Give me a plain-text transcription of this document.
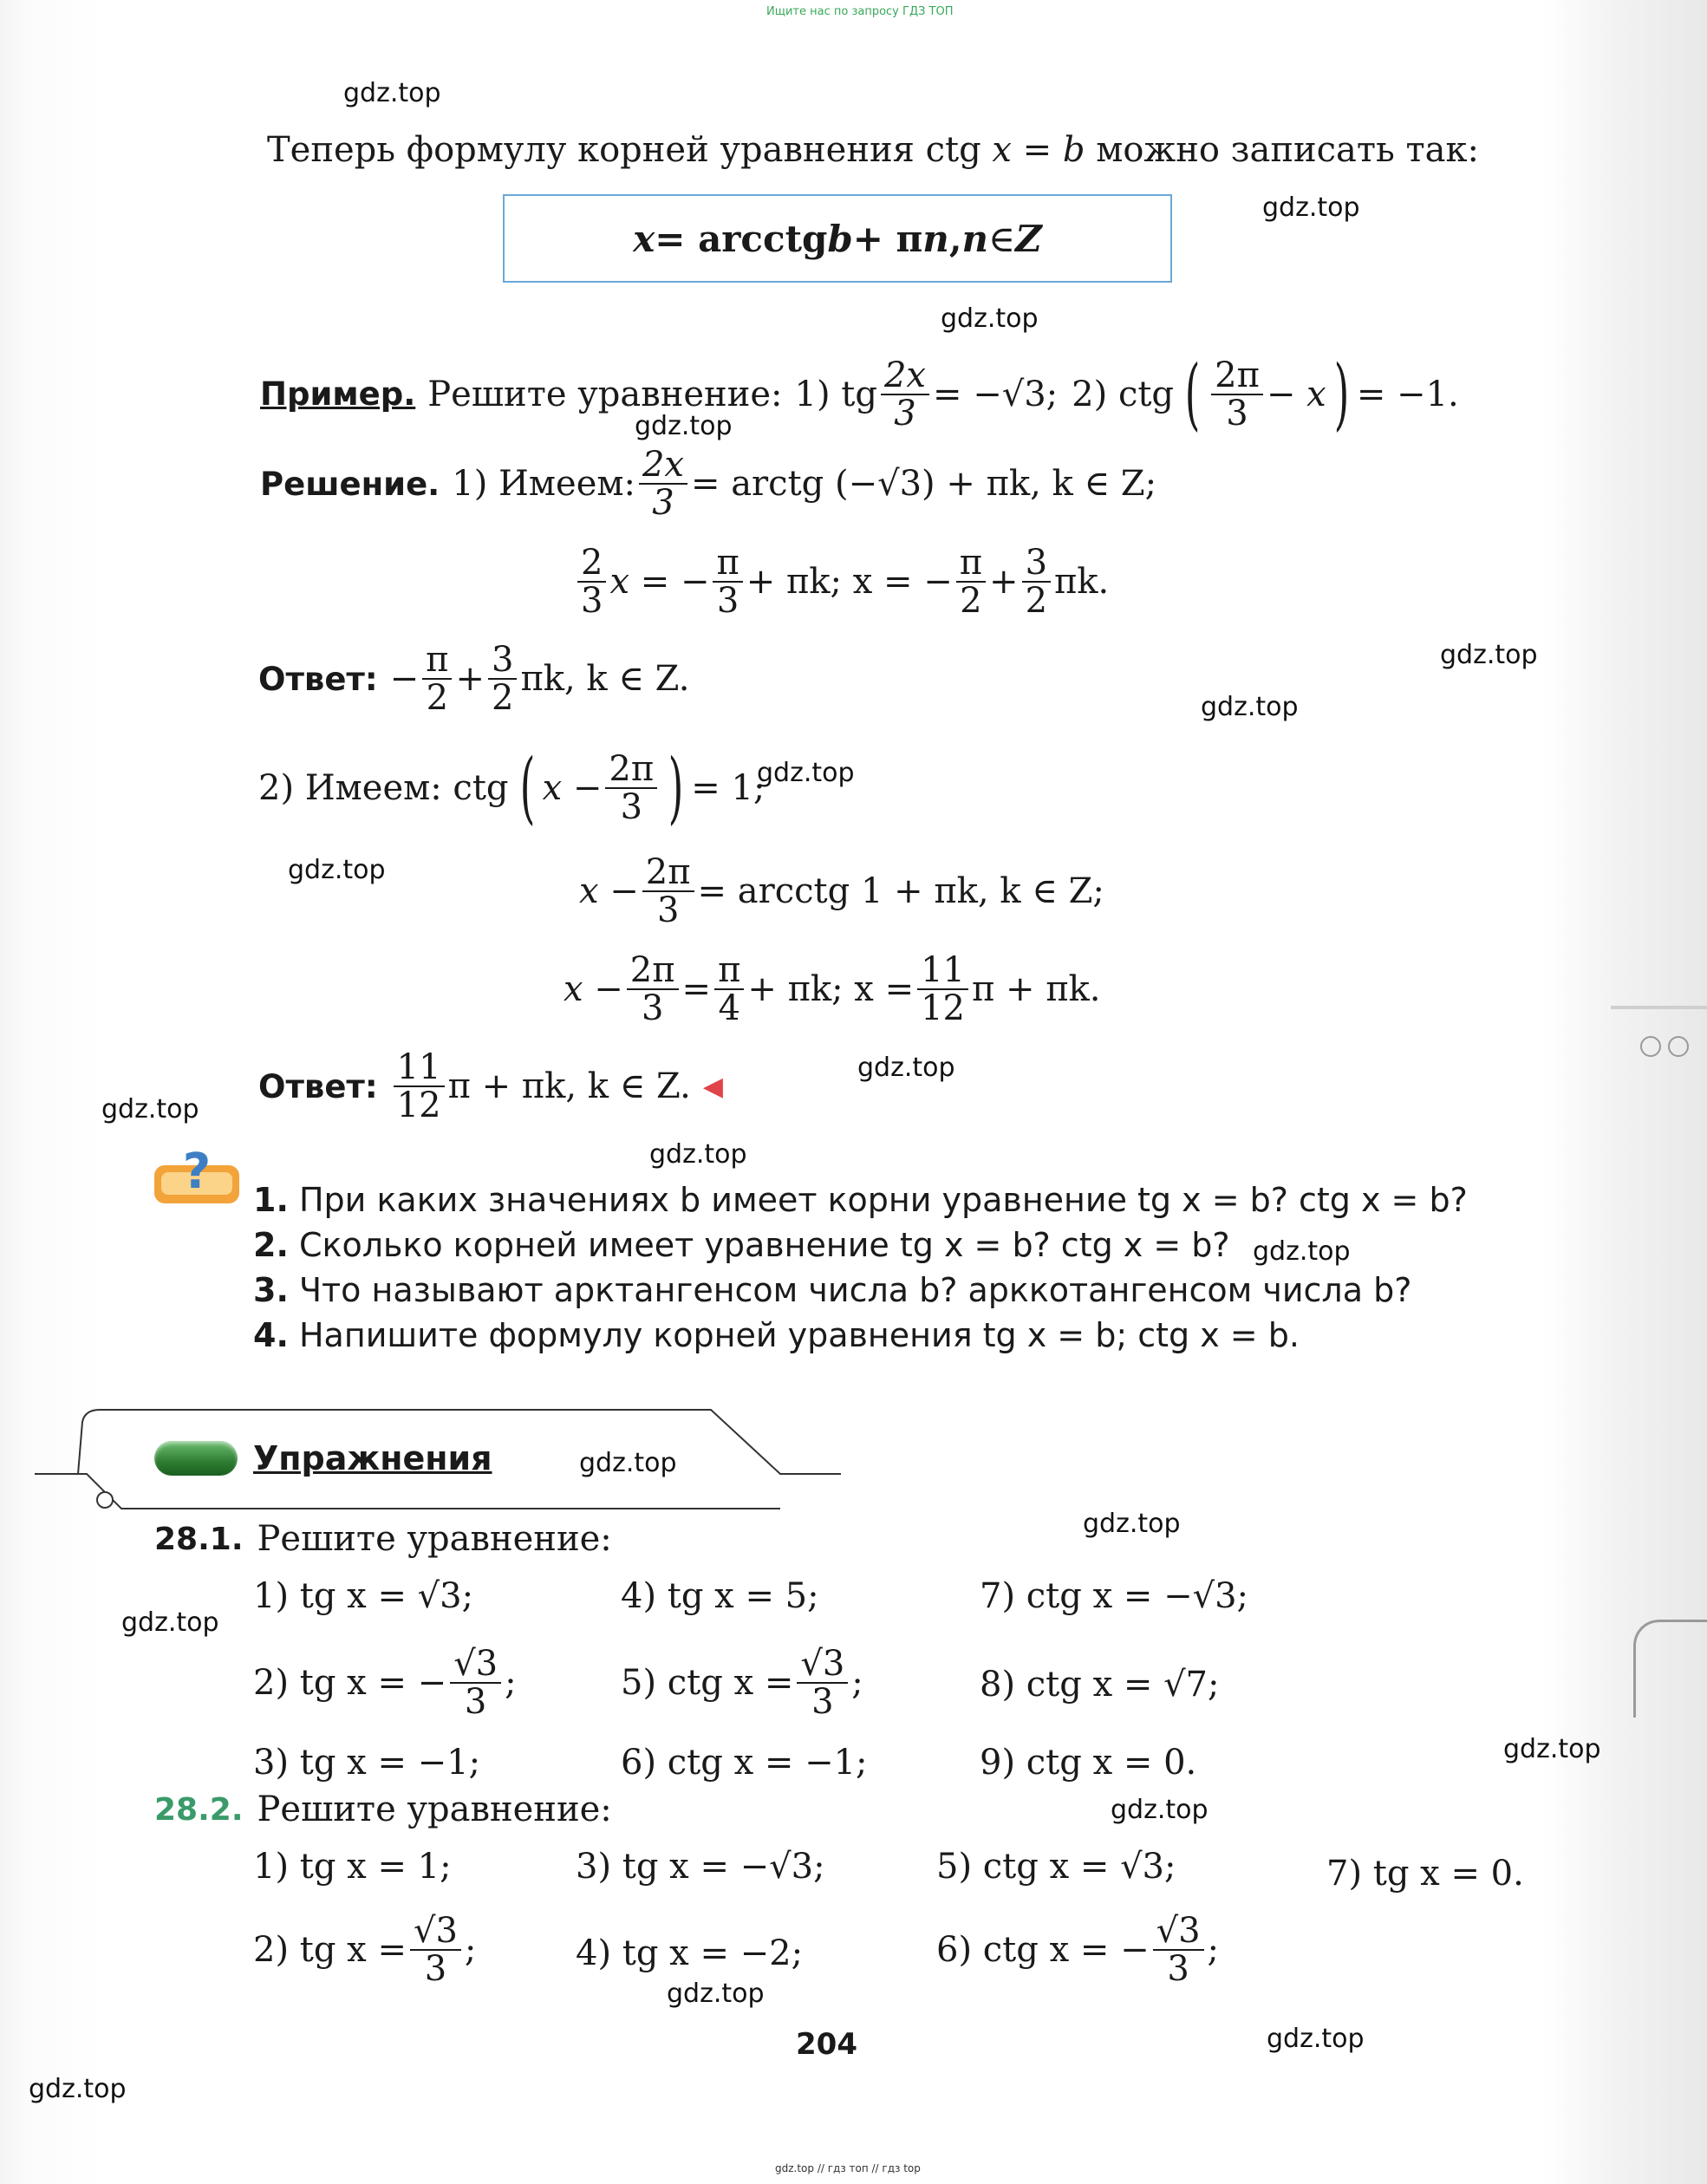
Ищите нас по запросу ГДЗ ТОП
gdz.top
gdz.top
gdz.top
gdz.top
gdz.top
gdz.top
gdz.top
gdz.top
gdz.top
gdz.top
gdz.top
gdz.top
gdz.top
gdz.top
gdz.top
gdz.top
gdz.top
gdz.top
gdz.top
gdz.top
Теперь формулу корней уравнения ctg x = b можно записать так:
x = arcctg b + π n , n ∈ Z
Пример. Решите уравнение: 1) tg $\frac{2x}{3} = -√3$; 2) ctg ( $\frac{2\pi}{3} - x$ ) = −1.
Решение. 1) Имеем: $\frac{2x}{3}$ = arctg (−√3) + πk, k ∈ Z;
$\frac{2}{3}$ x = − $\frac{\pi}{3} + \pi k$; x = − $\frac{\pi}{2} + \frac{3}{2} \pi k$.
Ответ: − $\frac{\pi}{2} + \frac{3}{2} \pi k$, k ∈ Z.
2) Имеем: ctg ( $x - \frac{2\pi}{3}$ ) = 1;
$x - \frac{2\pi}{3}$ = arcctg 1 + πk, k ∈ Z;
$x - \frac{2\pi}{3} = \frac{\pi}{4} + \pi k$; $x = \frac{11}{12}$ π + πk.
Ответ: $\frac{11}{12}$ π + πk, k ∈ Z. ◀
? 1. При каких значениях b имеет корни уравнение tg x = b? ctg x = b?
2. Сколько корней имеет уравнение tg x = b? ctg x = b?
3. Что называют арктангенсом числа b? арккотангенсом числа b?
4. Напишите формулу корней уравнения tg x = b; ctg x = b.
Упражнения
28.1. Решите уравнение:
1) tg x = √3;	4) tg x = 5;	7) ctg x = −√3;
2) tg x = − $\frac{√3}{3}$ ;	5) ctg $x = \frac{√3}{3}$ ;	8) ctg x = √7;
3) tg x = −1;	6) ctg x = −1;	9) ctg x = 0.
28.2. Решите уравнение:
1) tg x = 1;	3) tg x = −√3;	5) ctg x = √3;	7) tg x = 0.
2) tg $x = \frac{√3}{3}$ ;	4) tg x = −2;	6) ctg x = − $\frac{√3}{3}$ ;
204
gdz.top // гдз топ // гдз top
